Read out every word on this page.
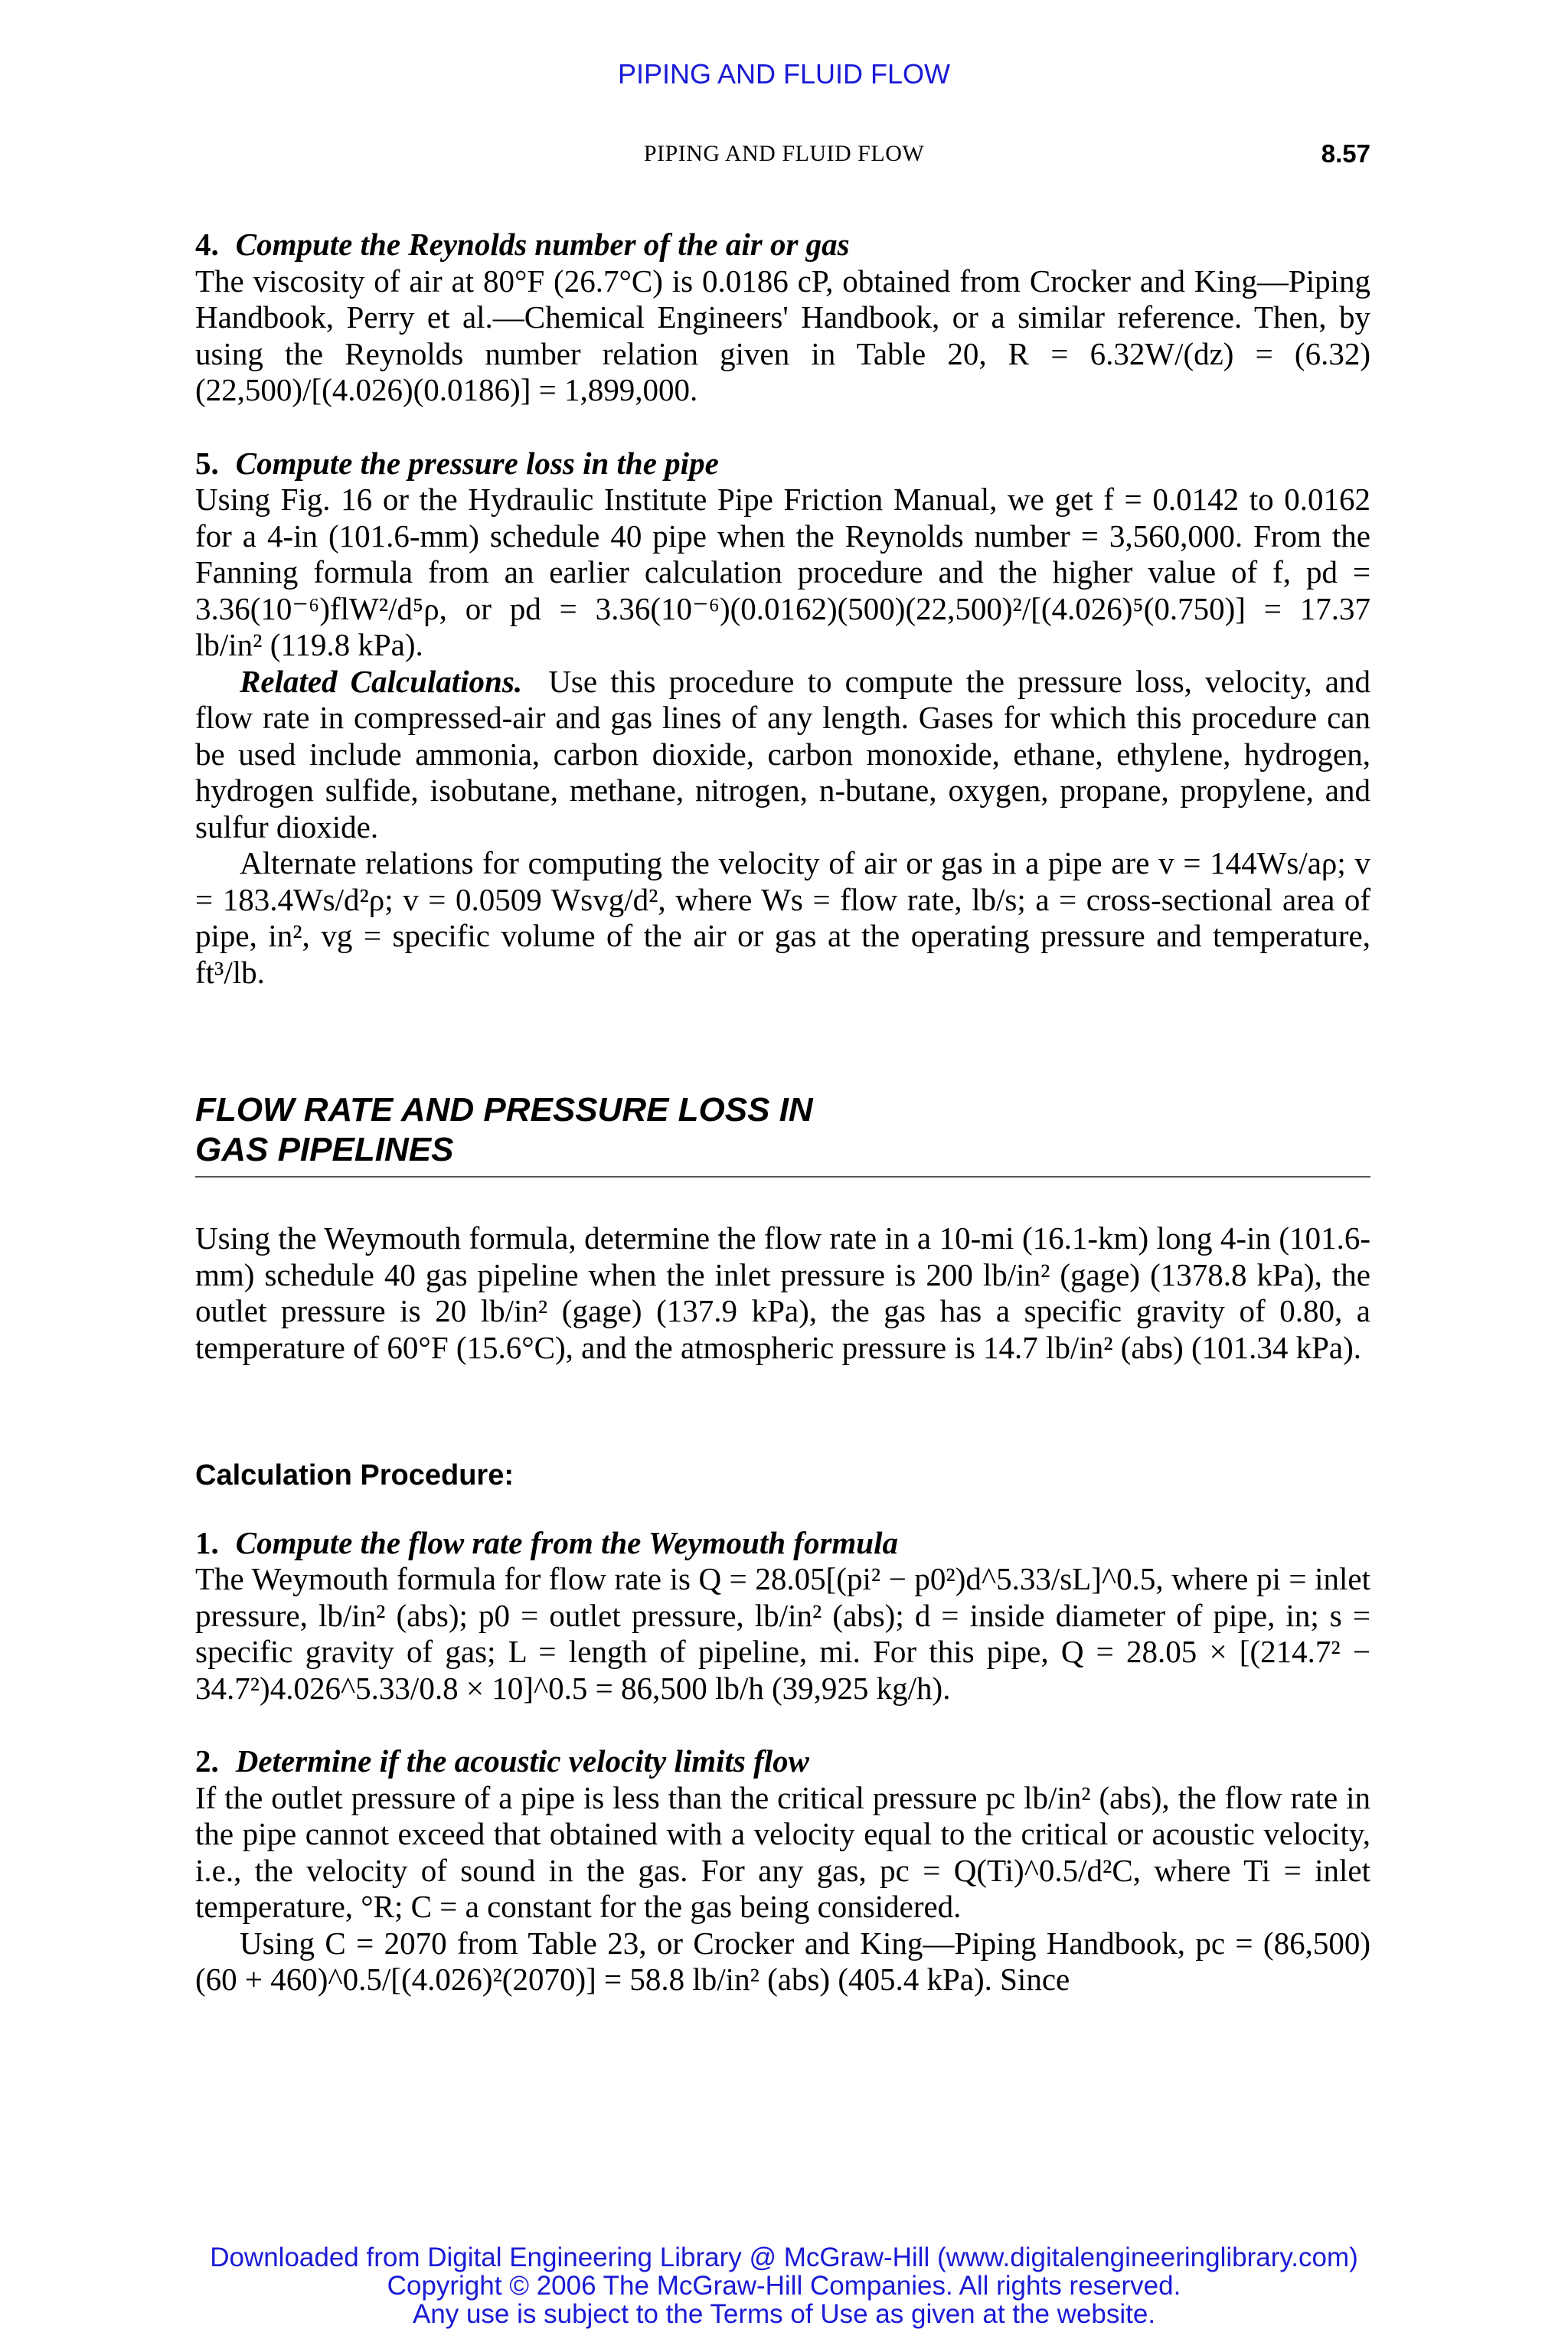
PIPING AND FLUID FLOW
PIPING AND FLUID FLOW	8.57

4. Compute the Reynolds number of the air or gas

The viscosity of air at 80°F (26.7°C) is 0.0186 cP, obtained from Crocker and King—Piping Handbook, Perry et al.—Chemical Engineers' Handbook, or a similar reference. Then, by using the Reynolds number relation given in Table 20, R = 6.32W/(dz) = (6.32)(22,500)/[(4.026)(0.0186)] = 1,899,000.

5. Compute the pressure loss in the pipe

Using Fig. 16 or the Hydraulic Institute Pipe Friction Manual, we get f = 0.0142 to 0.0162 for a 4-in (101.6-mm) schedule 40 pipe when the Reynolds number = 3,560,000. From the Fanning formula from an earlier calculation procedure and the higher value of f, pd = 3.36(10⁻⁶)flW²/d⁵ρ, or pd = 3.36(10⁻⁶)(0.0162)(500)(22,500)²/[(4.026)⁵(0.750)] = 17.37 lb/in² (119.8 kPa).

Related Calculations. Use this procedure to compute the pressure loss, velocity, and flow rate in compressed-air and gas lines of any length. Gases for which this procedure can be used include ammonia, carbon dioxide, carbon monoxide, ethane, ethylene, hydrogen, hydrogen sulfide, isobutane, methane, nitrogen, n-butane, oxygen, propane, propylene, and sulfur dioxide.

Alternate relations for computing the velocity of air or gas in a pipe are v = 144Ws/aρ; v = 183.4Ws/d²ρ; v = 0.0509 Wsvg/d², where Ws = flow rate, lb/s; a = cross-sectional area of pipe, in², vg = specific volume of the air or gas at the operating pressure and temperature, ft³/lb.

FLOW RATE AND PRESSURE LOSS IN
GAS PIPELINES

Using the Weymouth formula, determine the flow rate in a 10-mi (16.1-km) long 4-in (101.6-mm) schedule 40 gas pipeline when the inlet pressure is 200 lb/in² (gage) (1378.8 kPa), the outlet pressure is 20 lb/in² (gage) (137.9 kPa), the gas has a specific gravity of 0.80, a temperature of 60°F (15.6°C), and the atmospheric pressure is 14.7 lb/in² (abs) (101.34 kPa).

Calculation Procedure:

1. Compute the flow rate from the Weymouth formula

The Weymouth formula for flow rate is Q = 28.05[(pi² − p0²)d^5.33/sL]^0.5, where pi = inlet pressure, lb/in² (abs); p0 = outlet pressure, lb/in² (abs); d = inside diameter of pipe, in; s = specific gravity of gas; L = length of pipeline, mi. For this pipe, Q = 28.05 × [(214.7² − 34.7²)4.026^5.33/0.8 × 10]^0.5 = 86,500 lb/h (39,925 kg/h).

2. Determine if the acoustic velocity limits flow

If the outlet pressure of a pipe is less than the critical pressure pc lb/in² (abs), the flow rate in the pipe cannot exceed that obtained with a velocity equal to the critical or acoustic velocity, i.e., the velocity of sound in the gas. For any gas, pc = Q(Ti)^0.5/d²C, where Ti = inlet temperature, °R; C = a constant for the gas being considered.

Using C = 2070 from Table 23, or Crocker and King—Piping Handbook, pc = (86,500)(60 + 460)^0.5/[(4.026)²(2070)] = 58.8 lb/in² (abs) (405.4 kPa). Since

Downloaded from Digital Engineering Library @ McGraw-Hill (www.digitalengineeringlibrary.com)
Copyright © 2006 The McGraw-Hill Companies. All rights reserved.
Any use is subject to the Terms of Use as given at the website.
